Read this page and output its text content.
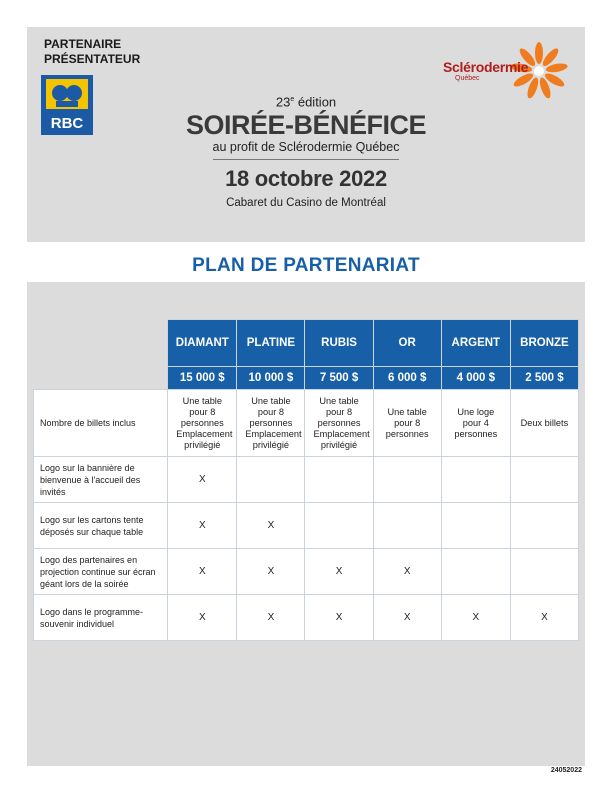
PARTENAIRE
PRÉSENTATEUR
RBC
Sclérodermie
Québec
23e édition
SOIRÉE-BÉNÉFICE
au profit de Sclérodermie Québec
18 octobre 2022
Cabaret du Casino de Montréal
PLAN DE PARTENARIAT
	DIAMANT	PLATINE	RUBIS	OR	ARGENT	BRONZE
	15 000 $	10 000 $	7 500 $	6 000 $	4 000 $	2 500 $
Nombre de billets inclus	Une table pour 8 personnes Emplacement privilégié	Une table pour 8 personnes Emplacement privilégié	Une table pour 8 personnes Emplacement privilégié	Une table pour 8 personnes	Une loge pour 4 personnes	Deux billets
Logo sur la bannière de bienvenue à l'accueil des invités	X					
Logo sur les cartons tente déposés sur chaque table	X	X				
Logo des partenaires en projection continue sur écran géant lors de la soirée	X	X	X	X		
Logo dans le programme-souvenir individuel	X	X	X	X	X	X
24052022
